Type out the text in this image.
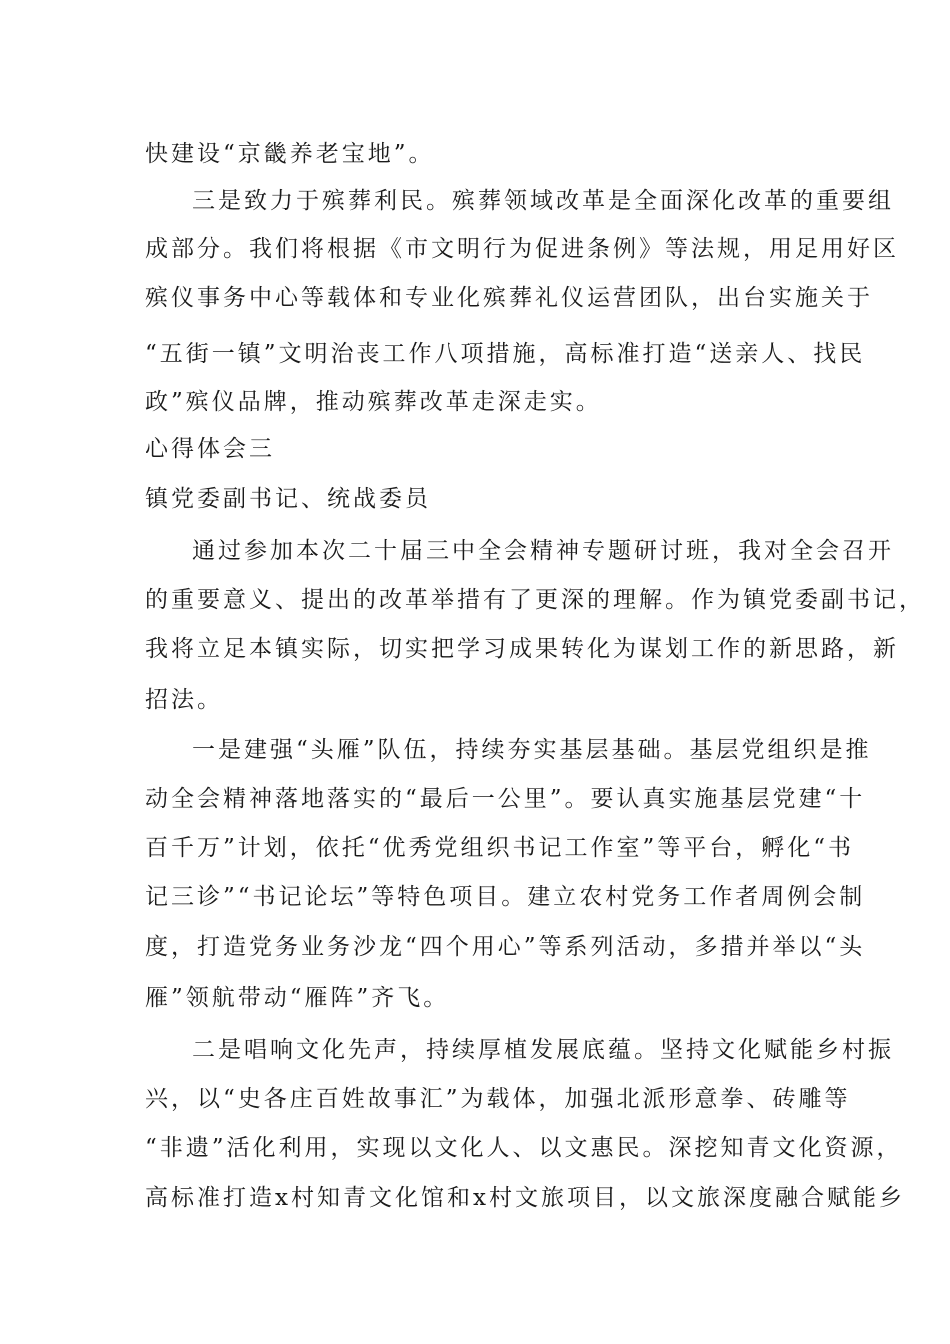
快建设“京畿养老宝地”。

三是致力于殡葬利民。殡葬领域改革是全面深化改革的重要组

成部分。我们将根据《市文明行为促进条例》等法规，用足用好区

殡仪事务中心等载体和专业化殡葬礼仪运营团队，出台实施关于

“五街一镇”文明治丧工作八项措施，高标准打造“送亲人、找民

政”殡仪品牌，推动殡葬改革走深走实。

心得体会三

镇党委副书记、统战委员

通过参加本次二十届三中全会精神专题研讨班，我对全会召开

的重要意义、提出的改革举措有了更深的理解。作为镇党委副书记，

我将立足本镇实际，切实把学习成果转化为谋划工作的新思路，新

招法。

一是建强“头雁”队伍，持续夯实基层基础。基层党组织是推

动全会精神落地落实的“最后一公里”。要认真实施基层党建“十

百千万”计划，依托“优秀党组织书记工作室”等平台，孵化“书

记三诊”“书记论坛”等特色项目。建立农村党务工作者周例会制

度，打造党务业务沙龙“四个用心”等系列活动，多措并举以“头

雁”领航带动“雁阵”齐飞。

二是唱响文化先声，持续厚植发展底蕴。坚持文化赋能乡村振

兴，以“史各庄百姓故事汇”为载体，加强北派形意拳、砖雕等

“非遗”活化利用，实现以文化人、以文惠民。深挖知青文化资源，

高标准打造x村知青文化馆和x村文旅项目，以文旅深度融合赋能乡
